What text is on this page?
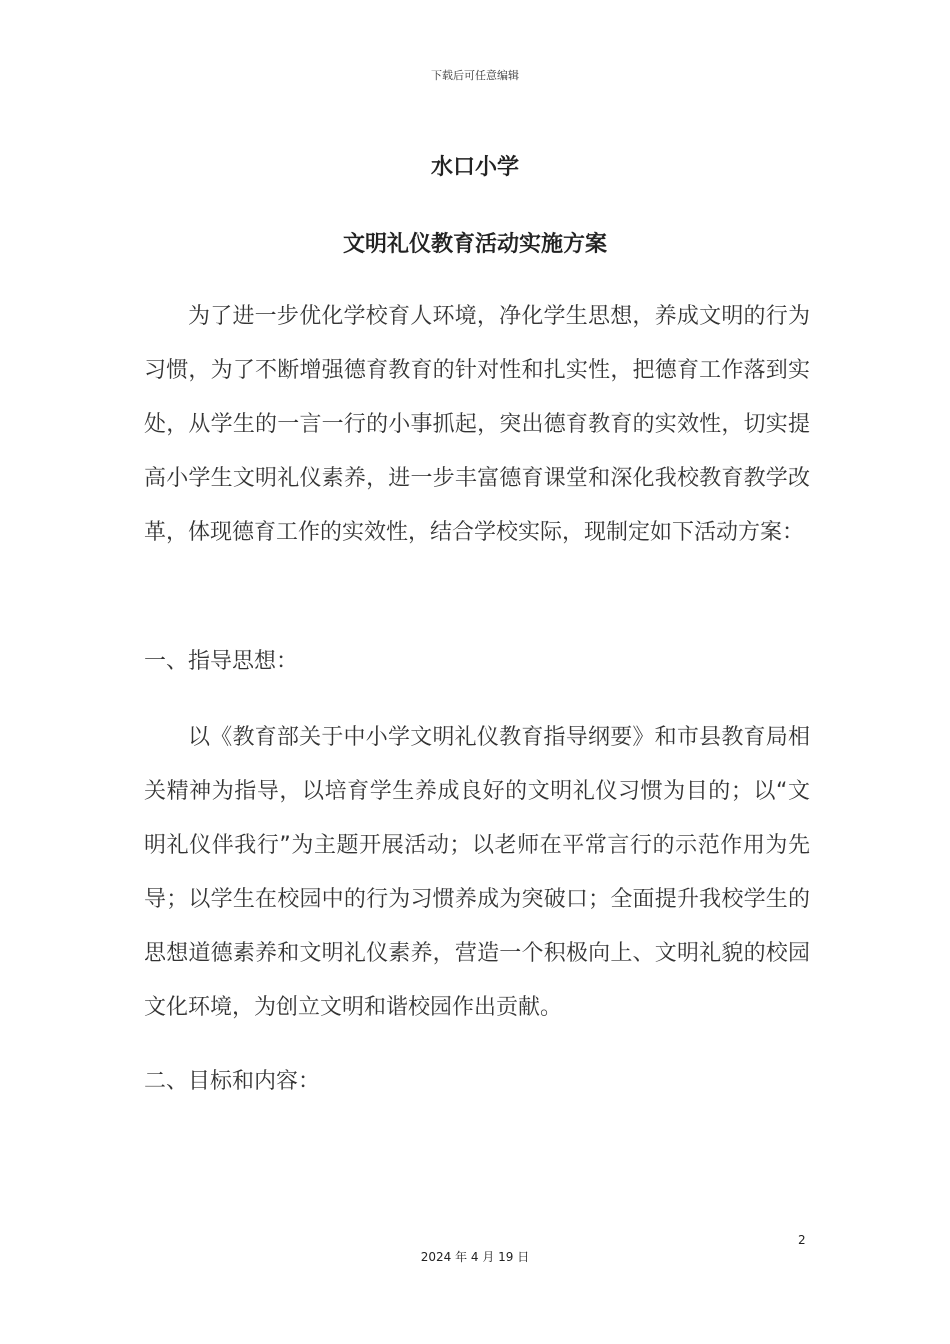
下载后可任意编辑
水口小学
文明礼仪教育活动实施方案

为了进一步优化学校育人环境，净化学生思想，养成文明的行为习惯，为了不断增强德育教育的针对性和扎实性，把德育工作落到实处，从学生的一言一行的小事抓起，突出德育教育的实效性，切实提高小学生文明礼仪素养，进一步丰富德育课堂和深化我校教育教学改革，体现德育工作的实效性，结合学校实际，现制定如下活动方案：

一、指导思想：

以《教育部关于中小学文明礼仪教育指导纲要》和市县教育局相关精神为指导，以培育学生养成良好的文明礼仪习惯为目的；以“文明礼仪伴我行”为主题开展活动；以老师在平常言行的示范作用为先导；以学生在校园中的行为习惯养成为突破口；全面提升我校学生的思想道德素养和文明礼仪素养，营造一个积极向上、文明礼貌的校园文化环境，为创立文明和谐校园作出贡献。

二、目标和内容：

2
2024 年 4 月 19 日
